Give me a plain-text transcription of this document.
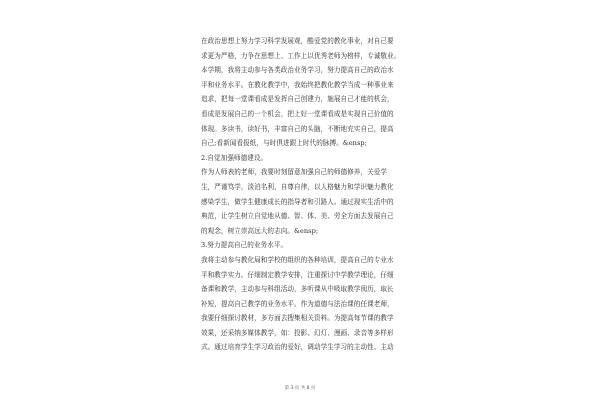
在政治思想上努力学习科学发展观，酷爱党的教化事业，对自己要
求更为严格，力争在思想上、工作上以优秀老师为榜样，专诚敬业。
本学期，我将主动参与各类政治业务学习，努力提高自己的政治水
平和业务水平。在教化教学中，我始终把教化教学当成一种事业来
追求，把每一堂课看成是发挥自己创建力，施展自己才能的机会，
看成是发展自己的一个机会，把上好一堂课看成是实现自己价值的
体现。多读书，读好书，丰富自己的头脑，不断地充实自己，提高
自己;看新闻看报纸，与时俱进跟上时代的脉搏。&ensp;
2.自觉加强师德建设。
作为人师表的老师，我要时刻留意加强自己的师德修养，关爱学
生，严谨笃学，淡泊名利，自尊自律，以人格魅力和学识魅力教化
感染学生，做学生健康成长的指导者和引路人。通过现实生活中的
典范，让学生树立自觉地从德、智、体、美、劳全方面去发展自己
的观念，树立崇高远大的志向。&ensp;
3.努力提高自己的业务水平。
我将主动参与教化局和学校的组织的各种培训，提高自己的专业水
平和教学实力。仔细制定教学安排，注重探讨中学教学理论，仔细
备课和教学，主动参与科组活动，多听课从中吸取教学阅历，取长
补短，提高自己教学的业务水平。作为道德与法治课的任课老师，
我要仔细探讨教材，多方面去搜集相关资料。为提高每节课的教学
效果，还采纳多媒体教学，如：投影、幻灯、漫画、录音等多样形
式。通过培育学生学习政治的爱好，调动学生学习的主动性、主动
第 3 页 共 8 页
